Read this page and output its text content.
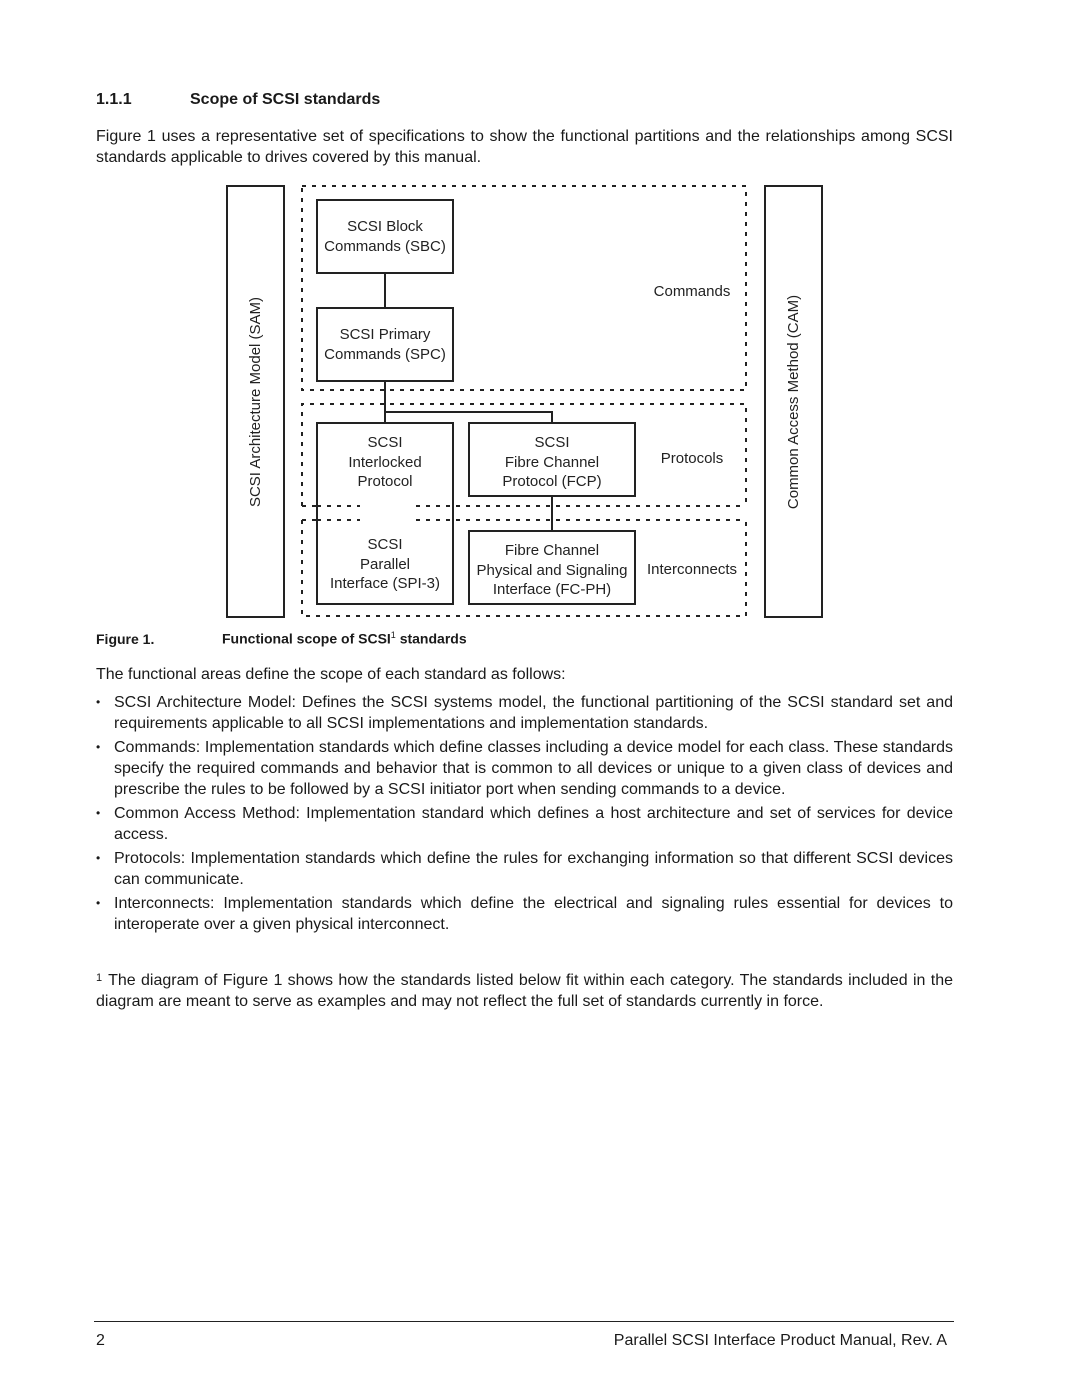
1.1.1	Scope of SCSI standards
Figure 1 uses a representative set of specifications to show the functional partitions and the relationships among SCSI standards applicable to drives covered by this manual.
SCSI Architecture Model (SAM)	Common Access Method (CAM)
Commands
Protocols
Interconnects
SCSI Block
Commands (SBC)
SCSI Primary
Commands (SPC)
SCSI
Interlocked
Protocol
SCSI
Parallel
Interface (SPI-3)
SCSI
Fibre Channel
Protocol (FCP)
Fibre Channel
Physical and Signaling
Interface (FC-PH)
Figure 1.	Functional scope of SCSI$^1$ standards
The functional areas define the scope of each standard as follows:
• SCSI Architecture Model: Defines the SCSI systems model, the functional partitioning of the SCSI standard set and requirements applicable to all SCSI implementations and implementation standards.
• Commands: Implementation standards which define classes including a device model for each class. These standards specify the required commands and behavior that is common to all devices or unique to a given class of devices and prescribe the rules to be followed by a SCSI initiator port when sending commands to a device.
• Common Access Method: Implementation standard which defines a host architecture and set of services for device access.
• Protocols: Implementation standards which define the rules for exchanging information so that different SCSI devices can communicate.
• Interconnects: Implementation standards which define the electrical and signaling rules essential for devices to interoperate over a given physical interconnect.
$^1$ The diagram of Figure 1 shows how the standards listed below fit within each category. The standards included in the diagram are meant to serve as examples and may not reflect the full set of standards currently in force.
2	Parallel SCSI Interface Product Manual, Rev. A
